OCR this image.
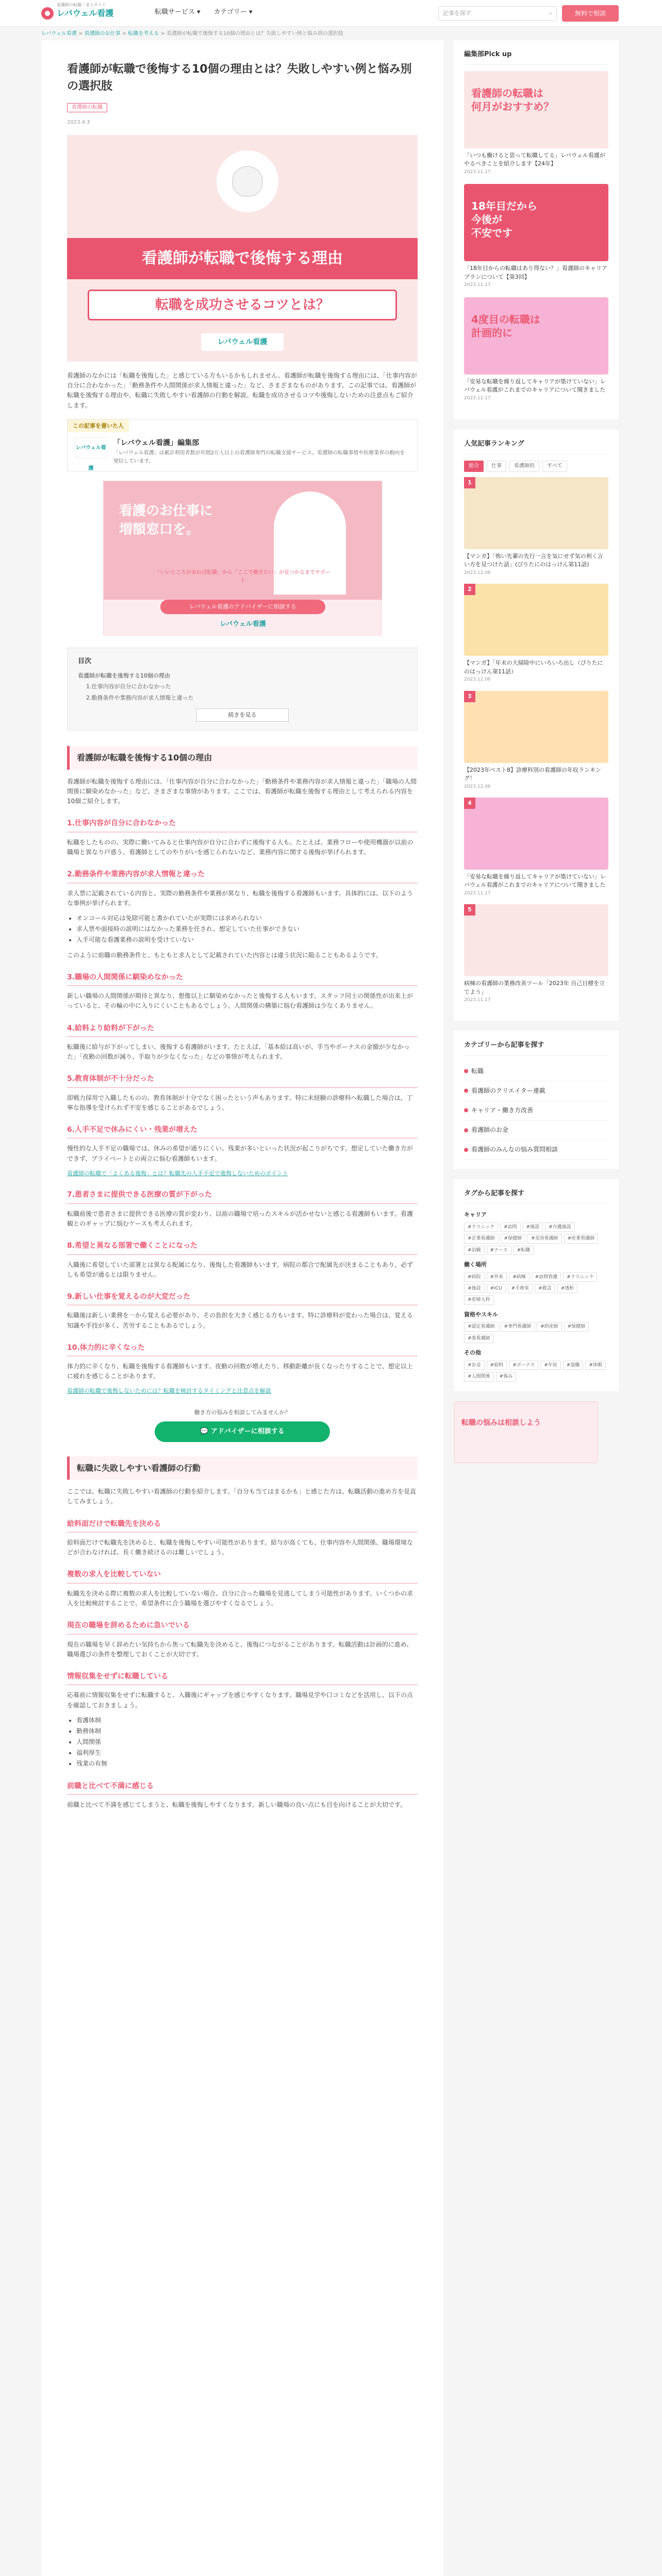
レバウェル看護
看護師の転職・求人サイト
転職サービス ▾ カテゴリー ▾	記事を探す	⌕	無料で相談
レバウェル看護 > 看護師のお仕事 > 転職を考える > 看護師が転職で後悔する10個の理由とは？失敗しやすい例と悩み別の選択肢
看護師が転職で後悔する10個の理由とは？失敗しやすい例と悩み別の選択肢
看護師の転職
2023.4.3
看護師が転職で後悔する理由
転職を成功させるコツとは？
レバウェル看護

看護師のなかには「転職を後悔した」と感じている方もいるかもしれません。看護師が転職を後悔する理由には、「仕事内容が自分に合わなかった」「勤務条件や人間関係が求人情報と違った」など、さまざまなものがあります。この記事では、看護師が転職を後悔する理由や、転職に失敗しやすい看護師の行動を解説。転職を成功させるコツや後悔しないための注意点もご紹介します。

この記事を書いた人
レバウェル看護
「レバウェル看護」編集部
「レバウェル看護」は累計利用者数が年間2万人以上の看護師専門の転職支援サービス。看護師の転職事情や医療業界の動向を発信しています。
看護のお仕事に
増額窓口を。
「いいところがあれば転職」から「ここで働きたい」が見つかるまでサポート
レバウェル看護のアドバイザーに相談する
レバウェル看護
目次
看護師が転職を後悔する10個の理由
1.仕事内容が自分に合わなかった
2.勤務条件や業務内容が求人情報と違った
続きを見る
看護師が転職を後悔する10個の理由

看護師が転職を後悔する理由には、「仕事内容が自分に合わなかった」「勤務条件や業務内容が求人情報と違った」「職場の人間関係に馴染めなかった」など、さまざまな事情があります。ここでは、看護師が転職を後悔する理由として考えられる内容を10個ご紹介します。

1.仕事内容が自分に合わなかった

転職をしたものの、実際に働いてみると仕事内容が自分に合わずに後悔する人も。たとえば、業務フローや使用機器が以前の職場と異なり戸惑う、看護師としてのやりがいを感じられないなど、業務内容に関する後悔が挙げられます。

2.勤務条件や業務内容が求人情報と違った

求人票に記載されている内容と、実際の勤務条件や業務が異なり、転職を後悔する看護師もいます。具体的には、以下のような事例が挙げられます。

• オンコール対応は免除可能と書かれていたが実際には求められない
• 求人票や面接時の説明にはなかった業務を任され、想定していた仕事ができない
• 入手可能な看護業務の説明を受けていない

このように前職の勤務条件と、もともと求人として記載されていた内容とは違う状況に陥ることもあるようです。

3.職場の人間関係に馴染めなかった

新しい職場の人間関係が期待と異なり、想像以上に馴染めなかったと後悔する人もいます。スタッフ同士の関係性が出来上がっていると、その輪の中に入りにくいこともあるでしょう。人間関係の構築に悩む看護師は少なくありません。

4.給料より給料が下がった

転職後に給与が下がってしまい、後悔する看護師がいます。たとえば、「基本給は高いが、手当やボーナスの金額が少なかった」「夜勤の回数が減り、手取りが少なくなった」などの事情が考えられます。

5.教育体制が不十分だった

即戦力採用で入職したものの、教育体制が十分でなく困ったという声もあります。特に未経験の診療科へ転職した場合は、丁寧な指導を受けられず不安を感じることがあるでしょう。

6.人手不足で休みにくい・残業が増えた

慢性的な人手不足の職場では、休みの希望が通りにくい、残業が多いといった状況が起こりがちです。想定していた働き方ができず、プライベートとの両立に悩む看護師もいます。

看護師の転職で「よくある後悔」とは？転職先の人手不足で後悔しないためのポイント
7.患者さまに提供できる医療の質が下がった

転職前後で患者さまに提供できる医療の質が変わり、以前の職場で培ったスキルが活かせないと感じる看護師もいます。看護観とのギャップに悩むケースも考えられます。

8.希望と異なる部署で働くことになった

入職後に希望していた部署とは異なる配属になり、後悔した看護師もいます。病院の都合で配属先が決まることもあり、必ずしも希望が通るとは限りません。

9.新しい仕事を覚えるのが大変だった

転職後は新しい業務を一から覚える必要があり、その負担を大きく感じる方もいます。特に診療科が変わった場合は、覚える知識や手技が多く、苦労することもあるでしょう。

10.体力的に辛くなった

体力的に辛くなり、転職を後悔する看護師もいます。夜勤の回数が増えたり、移動距離が長くなったりすることで、想定以上に疲れを感じることがあります。

看護師の転職で後悔しないためには？転職を検討するタイミングと注意点を解説
働き方の悩みを相談してみませんか？
💬 アドバイザーに相談する
転職に失敗しやすい看護師の行動

ここでは、転職に失敗しやすい看護師の行動を紹介します。「自分も当てはまるかも」と感じた方は、転職活動の進め方を見直してみましょう。

給料面だけで転職先を決める

給料面だけで転職先を決めると、転職を後悔しやすい可能性があります。給与が高くても、仕事内容や人間関係、職場環境などが合わなければ、長く働き続けるのは難しいでしょう。

複数の求人を比較していない

転職先を決める際に複数の求人を比較していない場合、自分に合った職場を見逃してしまう可能性があります。いくつかの求人を比較検討することで、希望条件に合う職場を選びやすくなるでしょう。

現在の職場を辞めるために急いでいる

現在の職場を早く辞めたい気持ちから焦って転職先を決めると、後悔につながることがあります。転職活動は計画的に進め、職場選びの条件を整理しておくことが大切です。

情報収集をせずに転職している

応募前に情報収集をせずに転職すると、入職後にギャップを感じやすくなります。職場見学や口コミなどを活用し、以下の点を確認しておきましょう。

• 看護体制
• 勤務体制
• 人間関係
• 福利厚生
• 残業の有無
前職と比べて不満に感じる

前職と比べて不満を感じてしまうと、転職を後悔しやすくなります。新しい職場の良い点にも目を向けることが大切です。

編集部Pick up
看護師の転職は
何月がおすすめ？
「いつも働けると思って転職してる」レバウェル看護がやるべきことを紹介します【24年】
2023.11.17
18年目だから
今後が
不安です
「18年目からの転職はあり得ない？」看護師のキャリアプランについて【第3回】
2023.11.17
4度目の転職は
計画的に
「安易な転職を繰り返してキャリアが築けていない」レバウェル看護がこれまでのキャリアについて聞きました
2023.11.17
人気記事ランキング
総合	仕事	看護師的	すべて
1
【マンガ】「怖い先輩の先行一言を気にせず気の利く言い方を見つけた話」(ぴりたにのはっけん第11話)
2023.12.06
2
【マンガ】「年末の大掃除中にいろいろ出し（ぴりたにのはっけん第11話）
2023.12.06
3
【2023年ベスト8】診療科別の看護師の年収ランキング！
2023.12.06
4
「安易な転職を繰り返してキャリアが築けていない」レバウェル看護がこれまでのキャリアについて聞きました
2023.11.17
5
病棟の看護師の業務改善ツール「2023年 自己目標を立てよう」
2023.11.17
カテゴリーから記事を探す
転職
看護師のクリエイター連載
キャリア・働き方改善
看護師のお金
看護師のみんなの悩み質問相談
タグから記事を探す
キャリア
#クリニック	#訪問	#施設	#介護施設
#企業看護師	#保健師	#美容看護師	#産業看護師
#治験	#ナース	#転職
働く場所
#病院	#外来	#病棟	#訪問看護	#クリニック
#施設	#ICU	#手術室	#救急	#透析
#産婦人科
資格やスキル
#認定看護師	#専門看護師	#助産師	#保健師
#准看護師
その他
#お金	#給料	#ボーナス	#年収	#退職	#休暇
#人間関係	#悩み
転職の悩みは相談しよう
